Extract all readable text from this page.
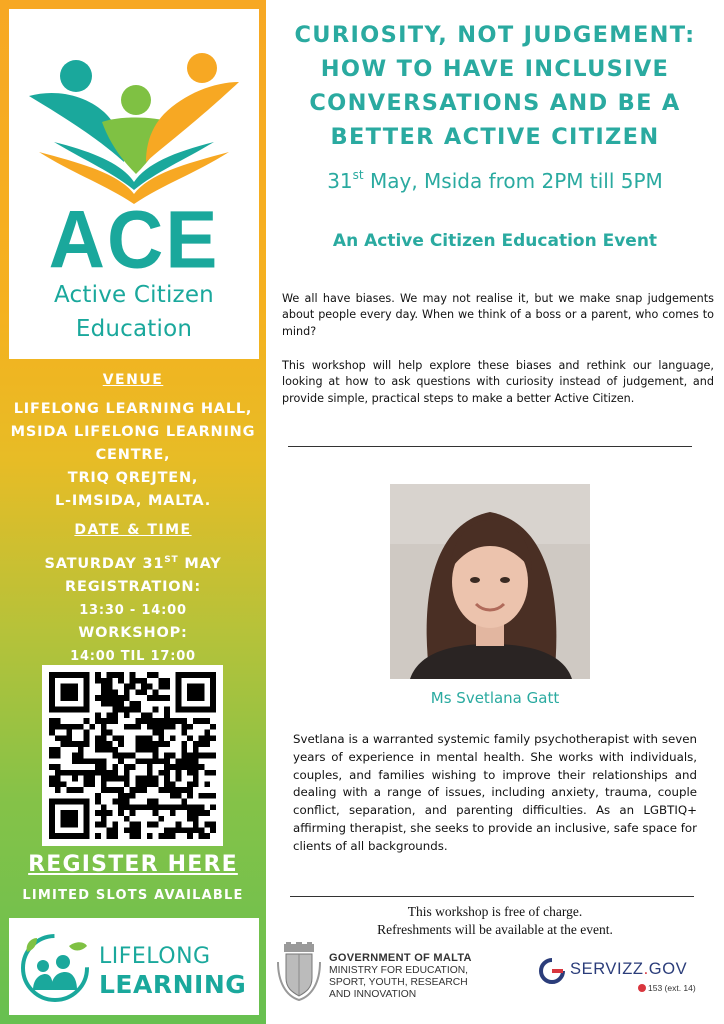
ACE
Active Citizen
Education
VENUE
LIFELONG LEARNING HALL,
MSIDA LIFELONG LEARNING
CENTRE,
TRIQ QREJTEN,
L-IMSIDA, MALTA.
DATE & TIME
SATURDAY 31ST MAY
REGISTRATION:
13:30 - 14:00
WORKSHOP:
14:00 TIL 17:00
REGISTER HERE
LIMITED SLOTS AVAILABLE
LIFELONG
LEARNING
CURIOSITY, NOT JUDGEMENT:
HOW TO HAVE INCLUSIVE
CONVERSATIONS AND BE A
BETTER ACTIVE CITIZEN
31st May, Msida from 2PM till 5PM
An Active Citizen Education Event

We all have biases. We may not realise it, but we make snap judgements about people every day. When we think of a boss or a parent, who comes to mind?

This workshop will help explore these biases and rethink our language, looking at how to ask questions with curiosity instead of judgement, and provide simple, practical steps to make a better Active Citizen.

Ms Svetlana Gatt

Svetlana is a warranted systemic family psychotherapist with seven years of experience in mental health. She works with individuals, couples, and families wishing to improve their relationships and dealing with a range of issues, including anxiety, trauma, couple conflict, separation, and parenting difficulties. As an LGBTIQ+ affirming therapist, she seeks to provide an inclusive, safe space for clients of all backgrounds.

This workshop is free of charge.
Refreshments will be available at the event.
GOVERNMENT OF MALTA
MINISTRY FOR EDUCATION,
SPORT, YOUTH, RESEARCH
AND INNOVATION
SERVIZZ.GOV
153 (ext. 14)
